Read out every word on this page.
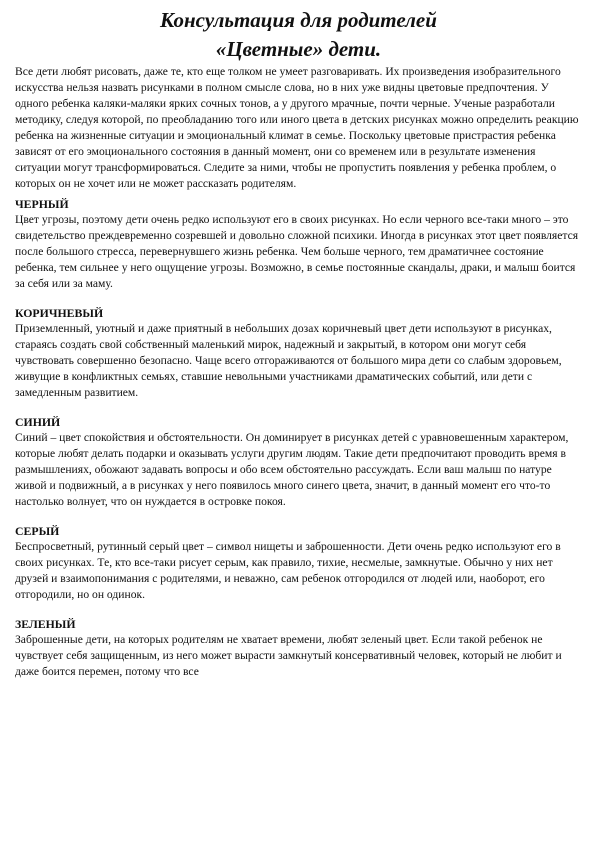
Консультация для родителей
«Цветные» дети.

Все дети любят рисовать, даже те, кто еще толком не умеет разговаривать. Их произведения изобразительного искусства нельзя назвать рисунками в полном смысле слова, но в них уже видны цветовые предпочтения. У одного ребенка каляки-маляки ярких сочных тонов, а у другого мрачные, почти черные. Ученые разработали методику, следуя которой, по преобладанию того или иного цвета в детских рисунках можно определить реакцию ребенка на жизненные ситуации и эмоциональный климат в семье. Поскольку цветовые пристрастия ребенка зависят от его эмоционального состояния в данный момент, они со временем или в результате изменения ситуации могут трансформироваться. Следите за ними, чтобы не пропустить появления у ребенка проблем, о которых он не хочет или не может рассказать родителям.

ЧЕРНЫЙ

Цвет угрозы, поэтому дети очень редко используют его в своих рисунках. Но если черного все-таки много – это свидетельство преждевременно созревшей и довольно сложной психики. Иногда в рисунках этот цвет появляется после большого стресса, перевернувшего жизнь ребенка. Чем больше черного, тем драматичнее состояние ребенка, тем сильнее у него ощущение угрозы. Возможно, в семье постоянные скандалы, драки, и малыш боится за себя или за маму.

КОРИЧНЕВЫЙ

Приземленный, уютный и даже приятный в небольших дозах коричневый цвет дети используют в рисунках, стараясь создать свой собственный маленький мирок, надежный и закрытый, в котором они могут себя чувствовать совершенно безопасно. Чаще всего отгораживаются от большого мира дети со слабым здоровьем, живущие в конфликтных семьях, ставшие невольными участниками драматических событий, или дети с замедленным развитием.

СИНИЙ

Синий – цвет спокойствия и обстоятельности. Он доминирует в рисунках детей с уравновешенным характером, которые любят делать подарки и оказывать услуги другим людям. Такие дети предпочитают проводить время в размышлениях, обожают задавать вопросы и обо всем обстоятельно рассуждать. Если ваш малыш по натуре живой и подвижный, а в рисунках у него появилось много синего цвета, значит, в данный момент его что-то настолько волнует, что он нуждается в островке покоя.

СЕРЫЙ

Беспросветный, рутинный серый цвет – символ нищеты и заброшенности. Дети очень редко используют его в своих рисунках. Те, кто все-таки рисует серым, как правило, тихие, несмелые, замкнутые. Обычно у них нет друзей и взаимопонимания с родителями, и неважно, сам ребенок отгородился от людей или, наоборот, его отгородили, но он одинок.

ЗЕЛЕНЫЙ

Заброшенные дети, на которых родителям не хватает времени, любят зеленый цвет. Если такой ребенок не чувствует себя защищенным, из него может вырасти замкнутый консервативный человек, который не любит и даже боится перемен, потому что все
